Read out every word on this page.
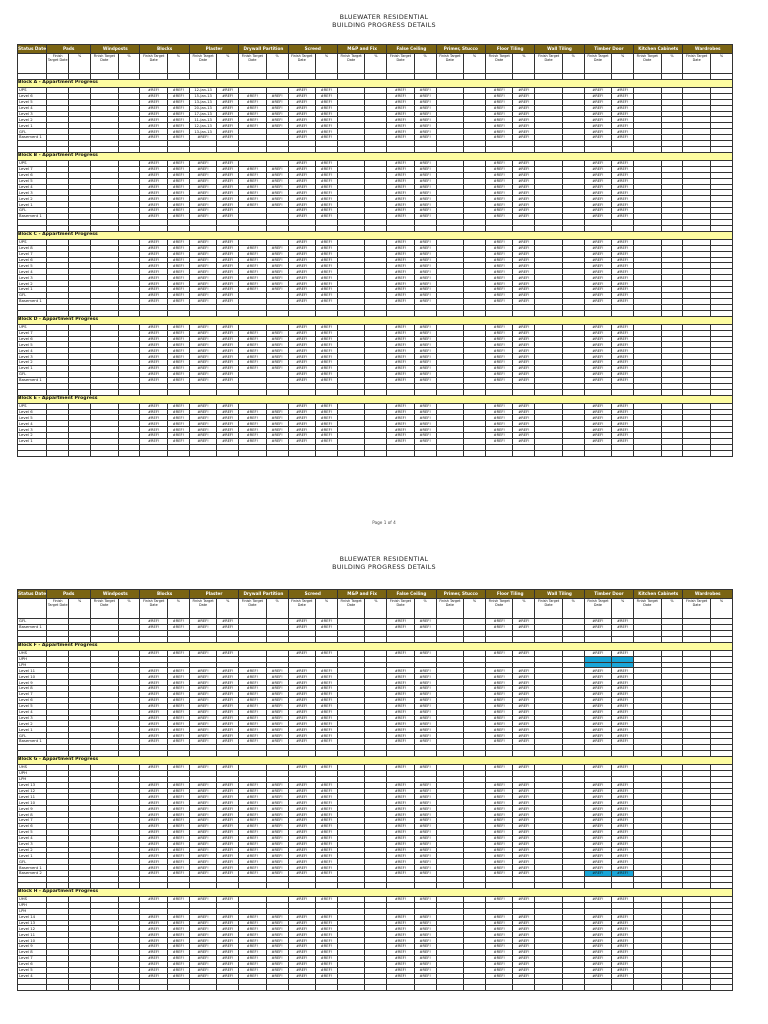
BLUEWATER RESIDENTIAL
BUILDING PROGRESS DETAILS
Status Date	Pads		Windposts		Blocks		Plaster		Drywall Partition		Screed		M&P and Fix		False Ceiling		Primer, Stucco		Floor Tiling		Wall Tiling		Timber Door		Kitchen Cabinets		Wardrobes	
	Finish Target Date	%	Finish Target Date	%	Finish Target Date	%	Finish Target Date	%	Finish Target Date	%	Finish Target Date	%	Finish Target Date	%	Finish Target Date	%	Finish Target Date	%	Finish Target Date	%	Finish Target Date	%	Finish Target Date	%	Finish Target Date	%	Finish Target Date	%

Block A - Appartment Progress																												
UPS					#REF!	#REF!	12-Jan-13	#REF!			#REF!	#REF!			#REF!	#REF!			#REF!	#REF!			#REF!	#REF!				
Level 6					#REF!	#REF!	15-Jan-13	#REF!	#REF!	#REF!	#REF!	#REF!			#REF!	#REF!			#REF!	#REF!			#REF!	#REF!				
Level 5					#REF!	#REF!	13-Jan-13	#REF!	#REF!	#REF!	#REF!	#REF!			#REF!	#REF!			#REF!	#REF!			#REF!	#REF!				
Level 4					#REF!	#REF!	20-Jan-13	#REF!	#REF!	#REF!	#REF!	#REF!			#REF!	#REF!			#REF!	#REF!			#REF!	#REF!				
Level 3					#REF!	#REF!	17-Jan-13	#REF!	#REF!	#REF!	#REF!	#REF!			#REF!	#REF!			#REF!	#REF!			#REF!	#REF!				
Level 2					#REF!	#REF!	11-Jan-13	#REF!	#REF!	#REF!	#REF!	#REF!			#REF!	#REF!			#REF!	#REF!			#REF!	#REF!				
Level 1					#REF!	#REF!	12-Jan-13	#REF!	#REF!	#REF!	#REF!	#REF!			#REF!	#REF!			#REF!	#REF!			#REF!	#REF!				
GFL					#REF!	#REF!	13-Jan-13	#REF!			#REF!	#REF!			#REF!	#REF!			#REF!	#REF!			#REF!	#REF!				
Basement 1					#REF!	#REF!	#REF!	#REF!			#REF!	#REF!			#REF!	#REF!			#REF!	#REF!			#REF!	#REF!				

Block B - Appartment Progress																												
UPS					#REF!	#REF!	#REF!	#REF!			#REF!	#REF!			#REF!	#REF!			#REF!	#REF!			#REF!	#REF!				
Level 7					#REF!	#REF!	#REF!	#REF!	#REF!	#REF!	#REF!	#REF!			#REF!	#REF!			#REF!	#REF!			#REF!	#REF!				
Level 6					#REF!	#REF!	#REF!	#REF!	#REF!	#REF!	#REF!	#REF!			#REF!	#REF!			#REF!	#REF!			#REF!	#REF!				
Level 5					#REF!	#REF!	#REF!	#REF!	#REF!	#REF!	#REF!	#REF!			#REF!	#REF!			#REF!	#REF!			#REF!	#REF!				
Level 4					#REF!	#REF!	#REF!	#REF!	#REF!	#REF!	#REF!	#REF!			#REF!	#REF!			#REF!	#REF!			#REF!	#REF!				
Level 3					#REF!	#REF!	#REF!	#REF!	#REF!	#REF!	#REF!	#REF!			#REF!	#REF!			#REF!	#REF!			#REF!	#REF!				
Level 2					#REF!	#REF!	#REF!	#REF!	#REF!	#REF!	#REF!	#REF!			#REF!	#REF!			#REF!	#REF!			#REF!	#REF!				
Level 1					#REF!	#REF!	#REF!	#REF!	#REF!	#REF!	#REF!	#REF!			#REF!	#REF!			#REF!	#REF!			#REF!	#REF!				
GFL					#REF!	#REF!	#REF!	#REF!			#REF!	#REF!			#REF!	#REF!			#REF!	#REF!			#REF!	#REF!				
Basement 1					#REF!	#REF!	#REF!	#REF!			#REF!	#REF!			#REF!	#REF!			#REF!	#REF!			#REF!	#REF!				

Block C - Appartment Progress																												
UPS					#REF!	#REF!	#REF!	#REF!			#REF!	#REF!			#REF!	#REF!			#REF!	#REF!			#REF!	#REF!				
Level 8					#REF!	#REF!	#REF!	#REF!	#REF!	#REF!	#REF!	#REF!			#REF!	#REF!			#REF!	#REF!			#REF!	#REF!				
Level 7					#REF!	#REF!	#REF!	#REF!	#REF!	#REF!	#REF!	#REF!			#REF!	#REF!			#REF!	#REF!			#REF!	#REF!				
Level 6					#REF!	#REF!	#REF!	#REF!	#REF!	#REF!	#REF!	#REF!			#REF!	#REF!			#REF!	#REF!			#REF!	#REF!				
Level 5					#REF!	#REF!	#REF!	#REF!	#REF!	#REF!	#REF!	#REF!			#REF!	#REF!			#REF!	#REF!			#REF!	#REF!				
Level 4					#REF!	#REF!	#REF!	#REF!	#REF!	#REF!	#REF!	#REF!			#REF!	#REF!			#REF!	#REF!			#REF!	#REF!				
Level 3					#REF!	#REF!	#REF!	#REF!	#REF!	#REF!	#REF!	#REF!			#REF!	#REF!			#REF!	#REF!			#REF!	#REF!				
Level 2					#REF!	#REF!	#REF!	#REF!	#REF!	#REF!	#REF!	#REF!			#REF!	#REF!			#REF!	#REF!			#REF!	#REF!				
Level 1					#REF!	#REF!	#REF!	#REF!	#REF!	#REF!	#REF!	#REF!			#REF!	#REF!			#REF!	#REF!			#REF!	#REF!				
GFL					#REF!	#REF!	#REF!	#REF!			#REF!	#REF!			#REF!	#REF!			#REF!	#REF!			#REF!	#REF!				
Basement 1					#REF!	#REF!	#REF!	#REF!			#REF!	#REF!			#REF!	#REF!			#REF!	#REF!			#REF!	#REF!				

Block D - Appartment Progress																												
UPS					#REF!	#REF!	#REF!	#REF!			#REF!	#REF!			#REF!	#REF!			#REF!	#REF!			#REF!	#REF!				
Level 7					#REF!	#REF!	#REF!	#REF!	#REF!	#REF!	#REF!	#REF!			#REF!	#REF!			#REF!	#REF!			#REF!	#REF!				
Level 6					#REF!	#REF!	#REF!	#REF!	#REF!	#REF!	#REF!	#REF!			#REF!	#REF!			#REF!	#REF!			#REF!	#REF!				
Level 5					#REF!	#REF!	#REF!	#REF!	#REF!	#REF!	#REF!	#REF!			#REF!	#REF!			#REF!	#REF!			#REF!	#REF!				
Level 4					#REF!	#REF!	#REF!	#REF!	#REF!	#REF!	#REF!	#REF!			#REF!	#REF!			#REF!	#REF!			#REF!	#REF!				
Level 3					#REF!	#REF!	#REF!	#REF!	#REF!	#REF!	#REF!	#REF!			#REF!	#REF!			#REF!	#REF!			#REF!	#REF!				
Level 2					#REF!	#REF!	#REF!	#REF!	#REF!	#REF!	#REF!	#REF!			#REF!	#REF!			#REF!	#REF!			#REF!	#REF!				
Level 1					#REF!	#REF!	#REF!	#REF!	#REF!	#REF!	#REF!	#REF!			#REF!	#REF!			#REF!	#REF!			#REF!	#REF!				
GFL					#REF!	#REF!	#REF!	#REF!			#REF!	#REF!			#REF!	#REF!			#REF!	#REF!			#REF!	#REF!				
Basement 1					#REF!	#REF!	#REF!	#REF!			#REF!	#REF!			#REF!	#REF!			#REF!	#REF!			#REF!	#REF!				

Block E - Appartment Progress																												
UPS					#REF!	#REF!	#REF!	#REF!			#REF!	#REF!			#REF!	#REF!			#REF!	#REF!			#REF!	#REF!				
Level 6					#REF!	#REF!	#REF!	#REF!	#REF!	#REF!	#REF!	#REF!			#REF!	#REF!			#REF!	#REF!			#REF!	#REF!				
Level 5					#REF!	#REF!	#REF!	#REF!	#REF!	#REF!	#REF!	#REF!			#REF!	#REF!			#REF!	#REF!			#REF!	#REF!				
Level 4					#REF!	#REF!	#REF!	#REF!	#REF!	#REF!	#REF!	#REF!			#REF!	#REF!			#REF!	#REF!			#REF!	#REF!				
Level 3					#REF!	#REF!	#REF!	#REF!	#REF!	#REF!	#REF!	#REF!			#REF!	#REF!			#REF!	#REF!			#REF!	#REF!				
Level 2					#REF!	#REF!	#REF!	#REF!	#REF!	#REF!	#REF!	#REF!			#REF!	#REF!			#REF!	#REF!			#REF!	#REF!				
Level 1					#REF!	#REF!	#REF!	#REF!	#REF!	#REF!	#REF!	#REF!			#REF!	#REF!			#REF!	#REF!			#REF!	#REF!				

Page 1 of 4
BLUEWATER RESIDENTIAL
BUILDING PROGRESS DETAILS
Status Date	Pads		Windposts		Blocks		Plaster		Drywall Partition		Screed		M&P and Fix		False Ceiling		Primer, Stucco		Floor Tiling		Wall Tiling		Timber Door		Kitchen Cabinets		Wardrobes	
	Finish Target Date	%	Finish Target Date	%	Finish Target Date	%	Finish Target Date	%	Finish Target Date	%	Finish Target Date	%	Finish Target Date	%	Finish Target Date	%	Finish Target Date	%	Finish Target Date	%	Finish Target Date	%	Finish Target Date	%	Finish Target Date	%	Finish Target Date	%
GFL					#REF!	#REF!	#REF!	#REF!			#REF!	#REF!			#REF!	#REF!			#REF!	#REF!			#REF!	#REF!				
Basement 1					#REF!	#REF!	#REF!	#REF!			#REF!	#REF!			#REF!	#REF!			#REF!	#REF!			#REF!	#REF!				

Block F - Appartment Progress																												
UHS					#REF!	#REF!	#REF!	#REF!			#REF!	#REF!			#REF!	#REF!			#REF!	#REF!			#REF!	#REF!				
UPH																												
LPH																												
Level 11					#REF!	#REF!	#REF!	#REF!	#REF!	#REF!	#REF!	#REF!			#REF!	#REF!			#REF!	#REF!			#REF!	#REF!				
Level 10					#REF!	#REF!	#REF!	#REF!	#REF!	#REF!	#REF!	#REF!			#REF!	#REF!			#REF!	#REF!			#REF!	#REF!				
Level 9					#REF!	#REF!	#REF!	#REF!	#REF!	#REF!	#REF!	#REF!			#REF!	#REF!			#REF!	#REF!			#REF!	#REF!				
Level 8					#REF!	#REF!	#REF!	#REF!	#REF!	#REF!	#REF!	#REF!			#REF!	#REF!			#REF!	#REF!			#REF!	#REF!				
Level 7					#REF!	#REF!	#REF!	#REF!	#REF!	#REF!	#REF!	#REF!			#REF!	#REF!			#REF!	#REF!			#REF!	#REF!				
Level 6					#REF!	#REF!	#REF!	#REF!	#REF!	#REF!	#REF!	#REF!			#REF!	#REF!			#REF!	#REF!			#REF!	#REF!				
Level 5					#REF!	#REF!	#REF!	#REF!	#REF!	#REF!	#REF!	#REF!			#REF!	#REF!			#REF!	#REF!			#REF!	#REF!				
Level 4					#REF!	#REF!	#REF!	#REF!	#REF!	#REF!	#REF!	#REF!			#REF!	#REF!			#REF!	#REF!			#REF!	#REF!				
Level 3					#REF!	#REF!	#REF!	#REF!	#REF!	#REF!	#REF!	#REF!			#REF!	#REF!			#REF!	#REF!			#REF!	#REF!				
Level 2					#REF!	#REF!	#REF!	#REF!	#REF!	#REF!	#REF!	#REF!			#REF!	#REF!			#REF!	#REF!			#REF!	#REF!				
Level 1					#REF!	#REF!	#REF!	#REF!	#REF!	#REF!	#REF!	#REF!			#REF!	#REF!			#REF!	#REF!			#REF!	#REF!				
GFL					#REF!	#REF!	#REF!	#REF!	#REF!	#REF!	#REF!	#REF!			#REF!	#REF!			#REF!	#REF!			#REF!	#REF!				
Basement 1					#REF!	#REF!	#REF!	#REF!	#REF!	#REF!	#REF!	#REF!			#REF!	#REF!			#REF!	#REF!			#REF!	#REF!				

Block G - Appartment Progress																												
UHS					#REF!	#REF!	#REF!	#REF!			#REF!	#REF!			#REF!	#REF!			#REF!	#REF!			#REF!	#REF!				
UPH																												
LPH																												
Level 13					#REF!	#REF!	#REF!	#REF!	#REF!	#REF!	#REF!	#REF!			#REF!	#REF!			#REF!	#REF!			#REF!	#REF!				
Level 12					#REF!	#REF!	#REF!	#REF!	#REF!	#REF!	#REF!	#REF!			#REF!	#REF!			#REF!	#REF!			#REF!	#REF!				
Level 11					#REF!	#REF!	#REF!	#REF!	#REF!	#REF!	#REF!	#REF!			#REF!	#REF!			#REF!	#REF!			#REF!	#REF!				
Level 10					#REF!	#REF!	#REF!	#REF!	#REF!	#REF!	#REF!	#REF!			#REF!	#REF!			#REF!	#REF!			#REF!	#REF!				
Level 9					#REF!	#REF!	#REF!	#REF!	#REF!	#REF!	#REF!	#REF!			#REF!	#REF!			#REF!	#REF!			#REF!	#REF!				
Level 8					#REF!	#REF!	#REF!	#REF!	#REF!	#REF!	#REF!	#REF!			#REF!	#REF!			#REF!	#REF!			#REF!	#REF!				
Level 7					#REF!	#REF!	#REF!	#REF!	#REF!	#REF!	#REF!	#REF!			#REF!	#REF!			#REF!	#REF!			#REF!	#REF!				
Level 6					#REF!	#REF!	#REF!	#REF!	#REF!	#REF!	#REF!	#REF!			#REF!	#REF!			#REF!	#REF!			#REF!	#REF!				
Level 5					#REF!	#REF!	#REF!	#REF!	#REF!	#REF!	#REF!	#REF!			#REF!	#REF!			#REF!	#REF!			#REF!	#REF!				
Level 4					#REF!	#REF!	#REF!	#REF!	#REF!	#REF!	#REF!	#REF!			#REF!	#REF!			#REF!	#REF!			#REF!	#REF!				
Level 3					#REF!	#REF!	#REF!	#REF!	#REF!	#REF!	#REF!	#REF!			#REF!	#REF!			#REF!	#REF!			#REF!	#REF!				
Level 2					#REF!	#REF!	#REF!	#REF!	#REF!	#REF!	#REF!	#REF!			#REF!	#REF!			#REF!	#REF!			#REF!	#REF!				
Level 1					#REF!	#REF!	#REF!	#REF!	#REF!	#REF!	#REF!	#REF!			#REF!	#REF!			#REF!	#REF!			#REF!	#REF!				
GFL					#REF!	#REF!	#REF!	#REF!	#REF!	#REF!	#REF!	#REF!			#REF!	#REF!			#REF!	#REF!			#REF!	#REF!				
Basement 1					#REF!	#REF!	#REF!	#REF!	#REF!	#REF!	#REF!	#REF!			#REF!	#REF!			#REF!	#REF!			#REF!	#REF!				
Basement 2					#REF!	#REF!	#REF!	#REF!	#REF!	#REF!	#REF!	#REF!			#REF!	#REF!			#REF!	#REF!			#REF!	#REF!				

Block H - Appartment Progress																												
UHS					#REF!	#REF!	#REF!	#REF!			#REF!	#REF!			#REF!	#REF!			#REF!	#REF!			#REF!	#REF!				
UPH																												
LPH																												
Level 14					#REF!	#REF!	#REF!	#REF!	#REF!	#REF!	#REF!	#REF!			#REF!	#REF!			#REF!	#REF!			#REF!	#REF!				
Level 13					#REF!	#REF!	#REF!	#REF!	#REF!	#REF!	#REF!	#REF!			#REF!	#REF!			#REF!	#REF!			#REF!	#REF!				
Level 12					#REF!	#REF!	#REF!	#REF!	#REF!	#REF!	#REF!	#REF!			#REF!	#REF!			#REF!	#REF!			#REF!	#REF!				
Level 11					#REF!	#REF!	#REF!	#REF!	#REF!	#REF!	#REF!	#REF!			#REF!	#REF!			#REF!	#REF!			#REF!	#REF!				
Level 10					#REF!	#REF!	#REF!	#REF!	#REF!	#REF!	#REF!	#REF!			#REF!	#REF!			#REF!	#REF!			#REF!	#REF!				
Level 9					#REF!	#REF!	#REF!	#REF!	#REF!	#REF!	#REF!	#REF!			#REF!	#REF!			#REF!	#REF!			#REF!	#REF!				
Level 8					#REF!	#REF!	#REF!	#REF!	#REF!	#REF!	#REF!	#REF!			#REF!	#REF!			#REF!	#REF!			#REF!	#REF!				
Level 7					#REF!	#REF!	#REF!	#REF!	#REF!	#REF!	#REF!	#REF!			#REF!	#REF!			#REF!	#REF!			#REF!	#REF!				
Level 6					#REF!	#REF!	#REF!	#REF!	#REF!	#REF!	#REF!	#REF!			#REF!	#REF!			#REF!	#REF!			#REF!	#REF!				
Level 5					#REF!	#REF!	#REF!	#REF!	#REF!	#REF!	#REF!	#REF!			#REF!	#REF!			#REF!	#REF!			#REF!	#REF!				
Level 4					#REF!	#REF!	#REF!	#REF!	#REF!	#REF!	#REF!	#REF!			#REF!	#REF!			#REF!	#REF!			#REF!	#REF!				
